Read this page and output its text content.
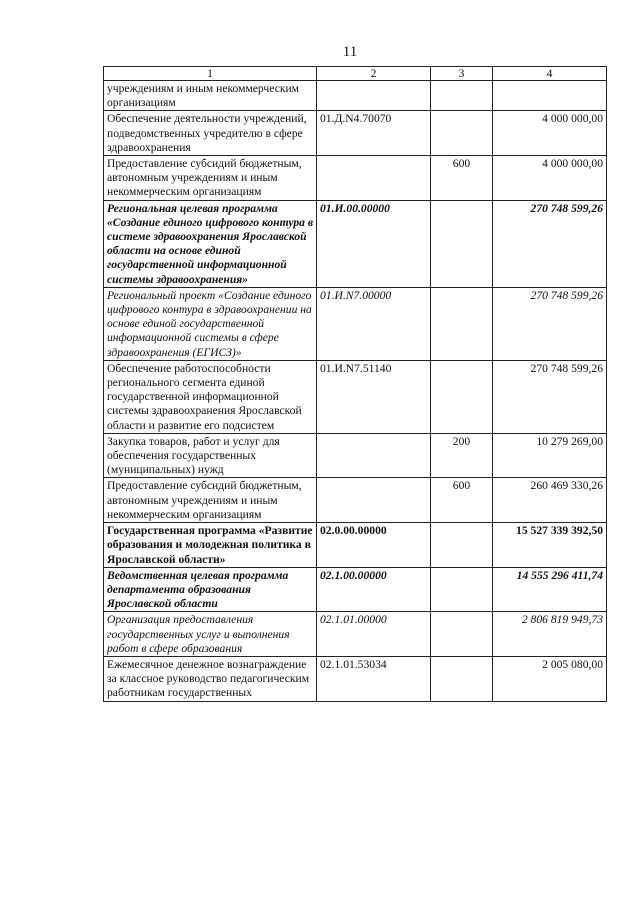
11
1	2	3	4
учреждениям и иным некоммерческим организациям			
Обеспечение деятельности учреждений, подведомственных учредителю в сфере здравоохранения	01.Д.N4.70070		4 000 000,00
Предоставление субсидий бюджетным, автономным учреждениям и иным некоммерческим организациям		600	4 000 000,00
Региональная целевая программа «Создание единого цифрового контура в системе здравоохранения Ярославской области на основе единой государственной информационной системы здравоохранения»	01.И.00.00000		270 748 599,26
Региональный проект «Создание единого цифрового контура в здравоохранении на основе единой государственной информационной системы в сфере здравоохранения (ЕГИСЗ)»	01.И.N7.00000		270 748 599,26
Обеспечение работоспособности регионального сегмента единой государственной информационной системы здравоохранения Ярославской области и развитие его подсистем	01.И.N7.51140		270 748 599,26
Закупка товаров, работ и услуг для обеспечения государственных (муниципальных) нужд		200	10 279 269,00
Предоставление субсидий бюджетным, автономным учреждениям и иным некоммерческим организациям		600	260 469 330,26
Государственная программа «Развитие образования и молодежная политика в Ярославской области»	02.0.00.00000		15 527 339 392,50
Ведомственная целевая программа департамента образования Ярославской области	02.1.00.00000		14 555 296 411,74
Организация предоставления государственных услуг и выполнения работ в сфере образования	02.1.01.00000		2 806 819 949,73
Ежемесячное денежное вознаграждение за классное руководство педагогическим работникам государственных	02.1.01.53034		2 005 080,00
